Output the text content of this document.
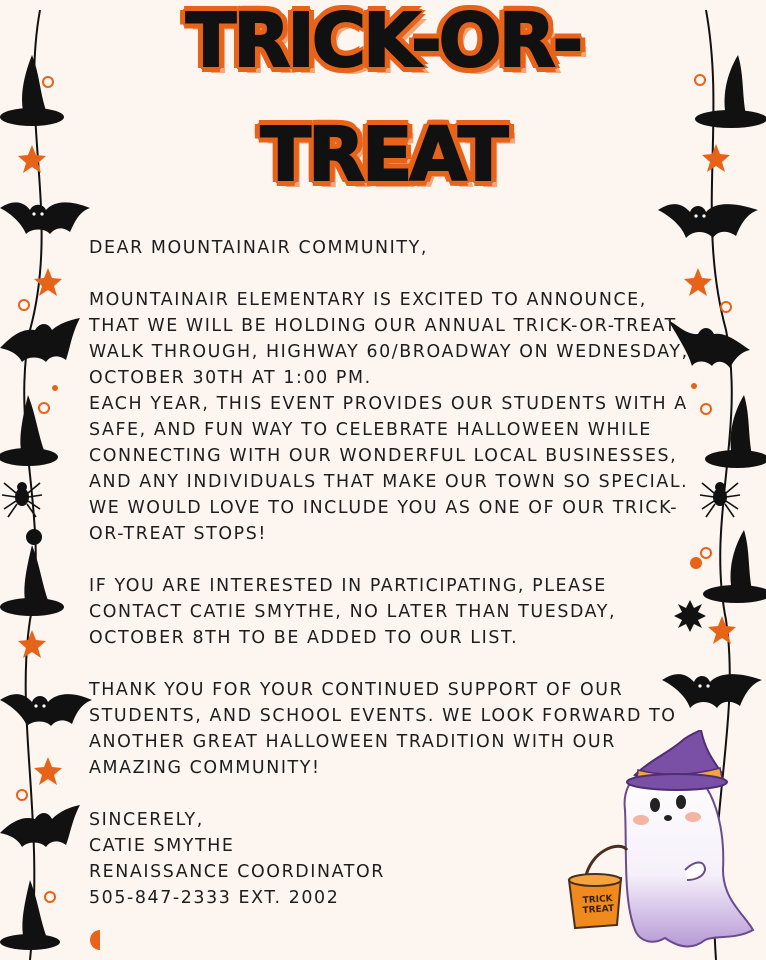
TRICK-OR-
TREAT
TRICK
TREAT

DEAR MOUNTAINAIR COMMUNITY,

MOUNTAINAIR ELEMENTARY IS EXCITED TO ANNOUNCE,

THAT WE WILL BE HOLDING OUR ANNUAL TRICK-OR-TREAT

WALK THROUGH, HIGHWAY 60/BROADWAY ON WEDNESDAY,

OCTOBER 30TH AT 1:00 PM.

EACH YEAR, THIS EVENT PROVIDES OUR STUDENTS WITH A

SAFE, AND FUN WAY TO CELEBRATE HALLOWEEN WHILE

CONNECTING WITH OUR WONDERFUL LOCAL BUSINESSES,

AND ANY INDIVIDUALS THAT MAKE OUR TOWN SO SPECIAL.

WE WOULD LOVE TO INCLUDE YOU AS ONE OF OUR TRICK-

OR-TREAT STOPS!

IF YOU ARE INTERESTED IN PARTICIPATING, PLEASE

CONTACT CATIE SMYTHE, NO LATER THAN TUESDAY,

OCTOBER 8TH TO BE ADDED TO OUR LIST.

THANK YOU FOR YOUR CONTINUED SUPPORT OF OUR

STUDENTS, AND SCHOOL EVENTS. WE LOOK FORWARD TO

ANOTHER GREAT HALLOWEEN TRADITION WITH OUR

AMAZING COMMUNITY!

SINCERELY,

CATIE SMYTHE

RENAISSANCE COORDINATOR

505-847-2333 EXT. 2002
